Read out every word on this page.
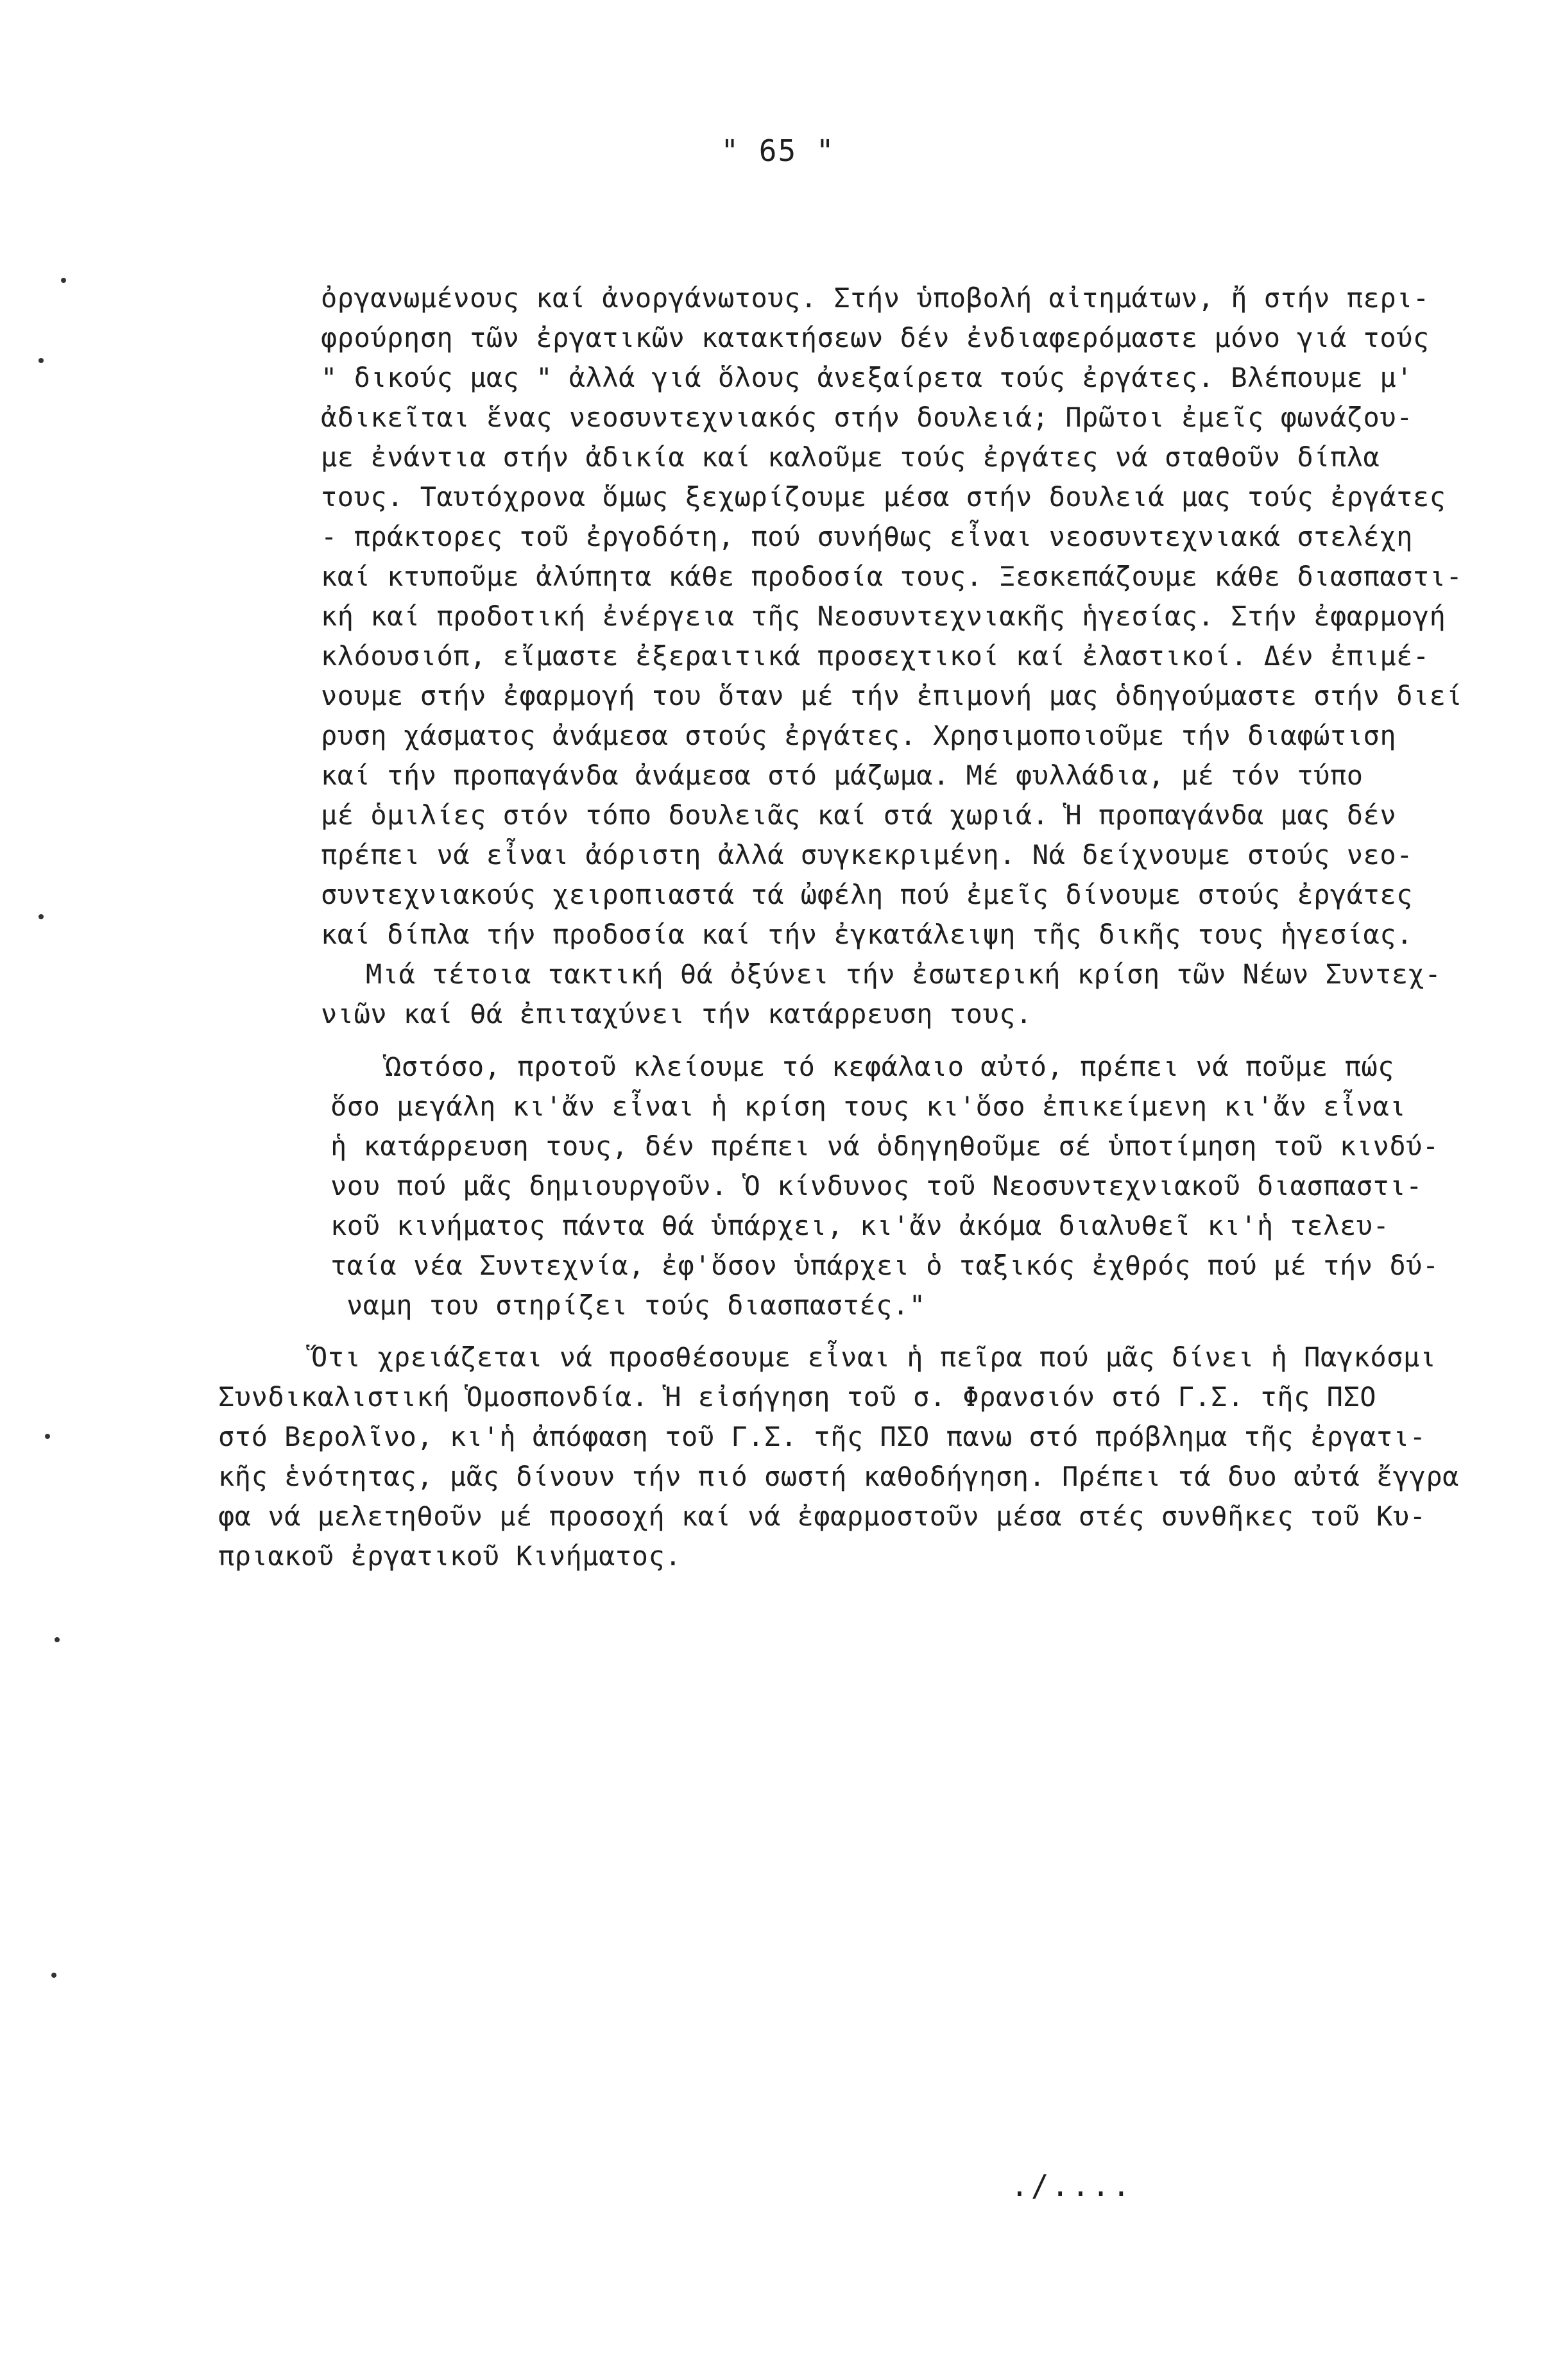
" 65 "
ὀργανωμένους καί ἀνοργάνωτους. Στήν ὑποβολή αἰτημάτων, ἤ στήν περι-
φρούρηση τῶν ἐργατικῶν κατακτήσεων δέν ἐνδιαφερόμαστε μόνο γιά τούς
" δικούς μας " ἀλλά γιά ὅλους ἀνεξαίρετα τούς ἐργάτες. Βλέπουμε μ'
ἀδικεῖται ἕνας νεοσυντεχνιακός στήν δουλειά; Πρῶτοι ἐμεῖς φωνάζου-
με ἐνάντια στήν ἀδικία καί καλοῦμε τούς ἐργάτες νά σταθοῦν δίπλα
τους. Ταυτόχρονα ὅμως ξεχωρίζουμε μέσα στήν δουλειά μας τούς ἐργάτες
- πράκτορες τοῦ ἐργοδότη, πού συνήθως εἶναι νεοσυντεχνιακά στελέχη
καί κτυποῦμε ἀλύπητα κάθε προδοσία τους. Ξεσκεπάζουμε κάθε διασπαστι-
κή καί προδοτική ἐνέργεια τῆς Νεοσυντεχνιακῆς ἡγεσίας. Στήν ἐφαρμογή
κλόουσιόπ, εἴμαστε ἐξεραιτικά προσεχτικοί καί ἐλαστικοί. Δέν ἐπιμέ-
νουμε στήν ἐφαρμογή του ὅταν μέ τήν ἐπιμονή μας ὁδηγούμαστε στήν διεί
ρυση χάσματος ἀνάμεσα στούς ἐργάτες. Χρησιμοποιοῦμε τήν διαφώτιση
καί τήν προπαγάνδα ἀνάμεσα στό μάζωμα. Μέ φυλλάδια, μέ τόν τύπο
μέ ὁμιλίες στόν τόπο δουλειᾶς καί στά χωριά. Ἡ προπαγάνδα μας δέν
πρέπει νά εἶναι ἀόριστη ἀλλά συγκεκριμένη. Νά δείχνουμε στούς νεο-
συντεχνιακούς χειροπιαστά τά ὠφέλη πού ἐμεῖς δίνουμε στούς ἐργάτες
καί δίπλα τήν προδοσία καί τήν ἐγκατάλειψη τῆς δικῆς τους ἡγεσίας.
Μιά τέτοια τακτική θά ὀξύνει τήν ἐσωτερική κρίση τῶν Νέων Συντεχ-
νιῶν καί θά ἐπιταχύνει τήν κατάρρευση τους.
Ὡστόσο, προτοῦ κλείουμε τό κεφάλαιο αὐτό, πρέπει νά ποῦμε πώς
ὅσο μεγάλη κι'ἄν εἶναι ἡ κρίση τους κι'ὅσο ἐπικείμενη κι'ἄν εἶναι
ἡ κατάρρευση τους, δέν πρέπει νά ὁδηγηθοῦμε σέ ὑποτίμηση τοῦ κινδύ-
νου πού μᾶς δημιουργοῦν. Ὁ κίνδυνος τοῦ Νεοσυντεχνιακοῦ διασπαστι-
κοῦ κινήματος πάντα θά ὑπάρχει, κι'ἄν ἀκόμα διαλυθεῖ κι'ἡ τελευ-
ταία νέα Συντεχνία, ἐφ'ὅσον ὑπάρχει ὁ ταξικός ἐχθρός πού μέ τήν δύ-
ναμη του στηρίζει τούς διασπαστές."
Ὅτι χρειάζεται νά προσθέσουμε εἶναι ἡ πεῖρα πού μᾶς δίνει ἡ Παγκόσμι
Συνδικαλιστική Ὁμοσπονδία. Ἡ εἰσήγηση τοῦ σ. Φρανσιόν στό Γ.Σ. τῆς ΠΣΟ
στό Βερολῖνο, κι'ἡ ἀπόφαση τοῦ Γ.Σ. τῆς ΠΣΟ πανω στό πρόβλημα τῆς ἐργατι-
κῆς ἑνότητας, μᾶς δίνουν τήν πιό σωστή καθοδήγηση. Πρέπει τά δυο αὐτά ἔγγρα
φα νά μελετηθοῦν μέ προσοχή καί νά ἐφαρμοστοῦν μέσα στές συνθῆκες τοῦ Κυ-
πριακοῦ ἐργατικοῦ Κινήματος.
./....
